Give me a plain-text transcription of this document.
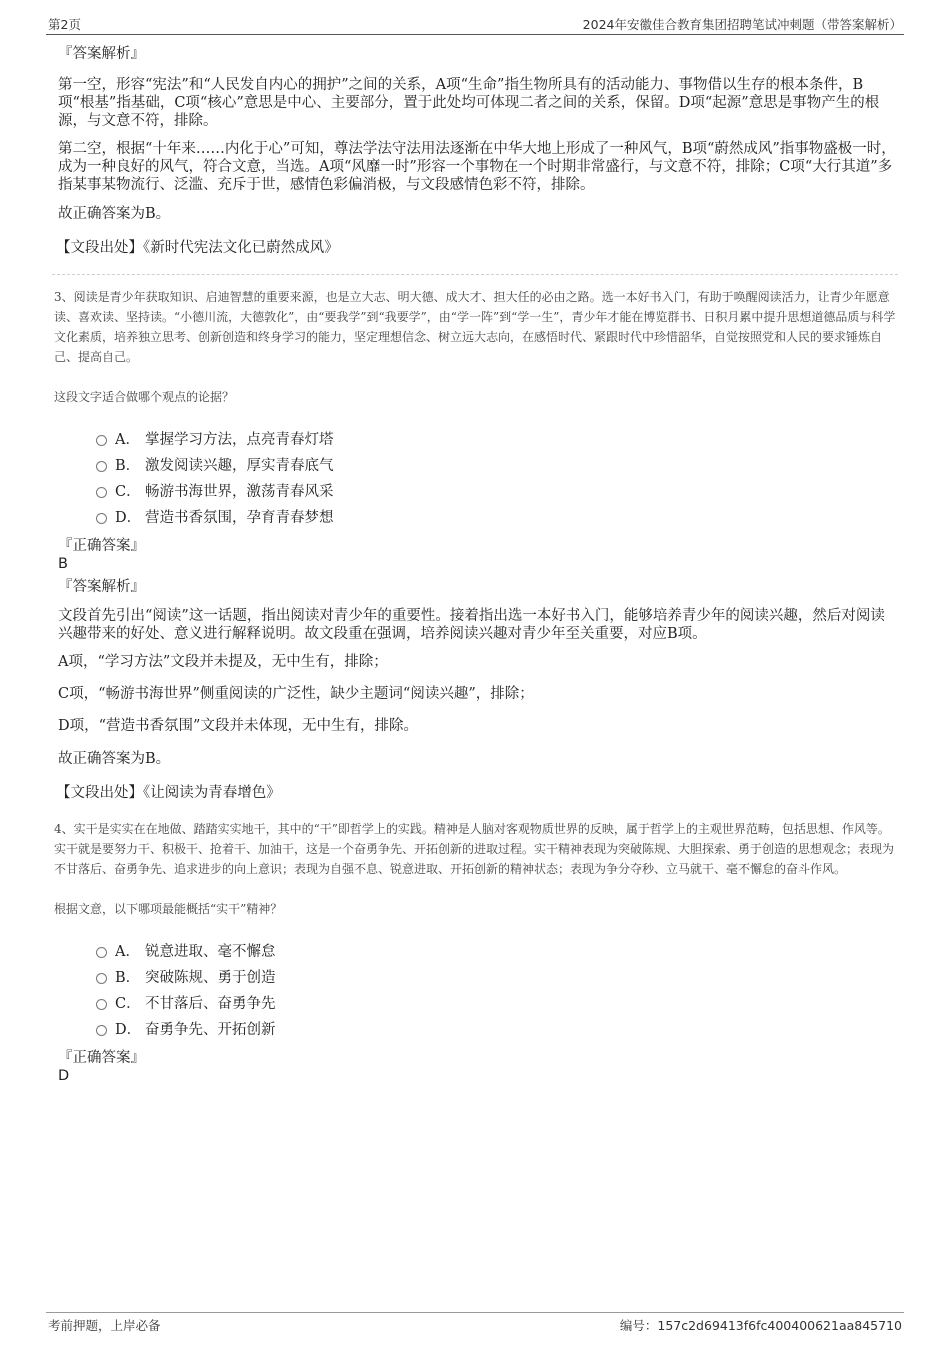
第2页	2024年安徽佳合教育集团招聘笔试冲刺题（带答案解析）
『答案解析』

第一空，形容“宪法”和“人民发自内心的拥护”之间的关系，A项“生命”指生物所具有的活动能力、事物借以生存的根本条件，B项“根基”指基础，C项“核心”意思是中心、主要部分，置于此处均可体现二者之间的关系，保留。D项“起源”意思是事物产生的根源，与文意不符，排除。

第二空，根据“十年来……内化于心”可知，尊法学法守法用法逐渐在中华大地上形成了一种风气，B项“蔚然成风”指事物盛极一时，成为一种良好的风气，符合文意，当选。A项“风靡一时”形容一个事物在一个时期非常盛行，与文意不符，排除；C项“大行其道”多指某事某物流行、泛滥、充斥于世，感情色彩偏消极，与文段感情色彩不符，排除。

故正确答案为B。
【文段出处】《新时代宪法文化已蔚然成风》

3、阅读是青少年获取知识、启迪智慧的重要来源，也是立大志、明大德、成大才、担大任的必由之路。选一本好书入门，有助于唤醒阅读活力，让青少年愿意读、喜欢读、坚持读。“小德川流，大德敦化”，由“要我学”到“我要学”，由“学一阵”到“学一生”，青少年才能在博览群书、日积月累中提升思想道德品质与科学文化素质，培养独立思考、创新创造和终身学习的能力，坚定理想信念、树立远大志向，在感悟时代、紧跟时代中珍惜韶华，自觉按照党和人民的要求锤炼自己、提高自己。

这段文字适合做哪个观点的论据？
A． 掌握学习方法，点亮青春灯塔
B． 激发阅读兴趣，厚实青春底气
C． 畅游书海世界，激荡青春风采
D． 营造书香氛围，孕育青春梦想
『正确答案』
B
『答案解析』

文段首先引出“阅读”这一话题，指出阅读对青少年的重要性。接着指出选一本好书入门，能够培养青少年的阅读兴趣，然后对阅读兴趣带来的好处、意义进行解释说明。故文段重在强调，培养阅读兴趣对青少年至关重要，对应B项。

A项，“学习方法”文段并未提及，无中生有，排除；

C项，“畅游书海世界”侧重阅读的广泛性，缺少主题词“阅读兴趣”，排除；

D项，“营造书香氛围”文段并未体现，无中生有，排除。

故正确答案为B。
【文段出处】《让阅读为青春增色》

4、实干是实实在在地做、踏踏实实地干，其中的“干”即哲学上的实践。精神是人脑对客观物质世界的反映，属于哲学上的主观世界范畴，包括思想、作风等。实干就是要努力干、积极干、抢着干、加油干，这是一个奋勇争先、开拓创新的进取过程。实干精神表现为突破陈规、大胆探索、勇于创造的思想观念；表现为不甘落后、奋勇争先、追求进步的向上意识；表现为自强不息、锐意进取、开拓创新的精神状态；表现为争分夺秒、立马就干、毫不懈怠的奋斗作风。

根据文意，以下哪项最能概括“实干”精神？
A． 锐意进取、毫不懈怠
B． 突破陈规、勇于创造
C． 不甘落后、奋勇争先
D． 奋勇争先、开拓创新
『正确答案』
D
考前押题，上岸必备	编号：157c2d69413f6fc400400621aa845710
